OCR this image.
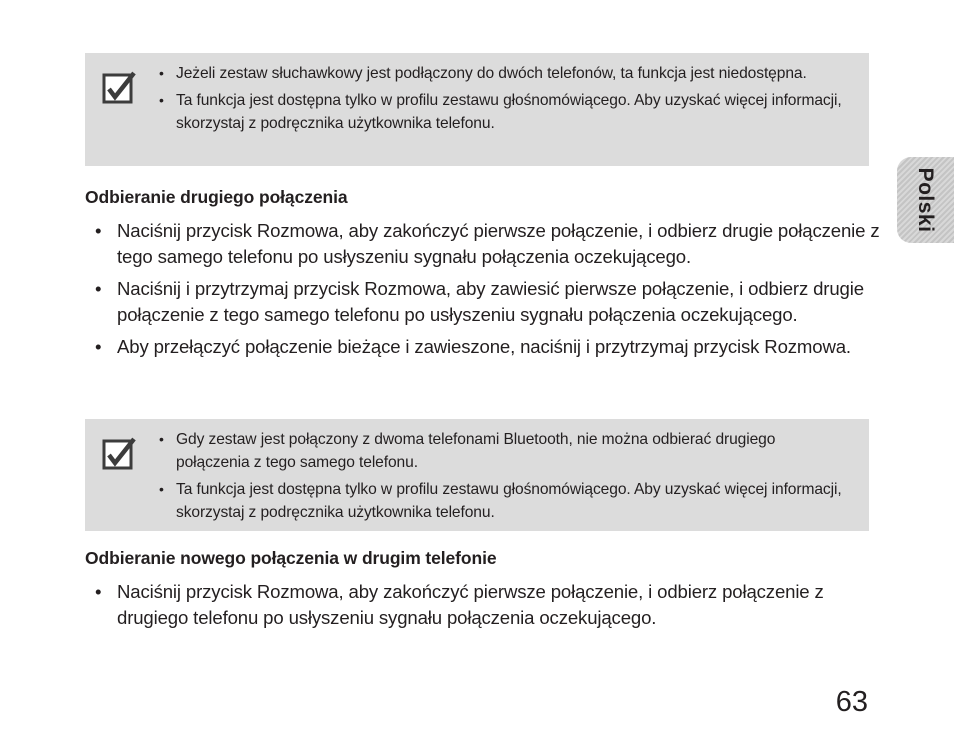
• Jeżeli zestaw słuchawkowy jest podłączony do dwóch telefonów, ta funkcja jest niedostępna.
• Ta funkcja jest dostępna tylko w profilu zestawu głośnomówiącego. Aby uzyskać więcej informacji, skorzystaj z podręcznika użytkownika telefonu.
Polski
Odbieranie drugiego połączenia
• Naciśnij przycisk Rozmowa, aby zakończyć pierwsze połączenie, i odbierz drugie połączenie z tego samego telefonu po usłyszeniu sygnału połączenia oczekującego.
• Naciśnij i przytrzymaj przycisk Rozmowa, aby zawiesić pierwsze połączenie, i odbierz drugie połączenie z tego samego telefonu po usłyszeniu sygnału połączenia oczekującego.
• Aby przełączyć połączenie bieżące i zawieszone, naciśnij i przytrzymaj przycisk Rozmowa.
• Gdy zestaw jest połączony z dwoma telefonami Bluetooth, nie można odbierać drugiego połączenia z tego samego telefonu.
• Ta funkcja jest dostępna tylko w profilu zestawu głośnomówiącego. Aby uzyskać więcej informacji, skorzystaj z podręcznika użytkownika telefonu.
Odbieranie nowego połączenia w drugim telefonie
• Naciśnij przycisk Rozmowa, aby zakończyć pierwsze połączenie, i odbierz połączenie z drugiego telefonu po usłyszeniu sygnału połączenia oczekującego.
63
